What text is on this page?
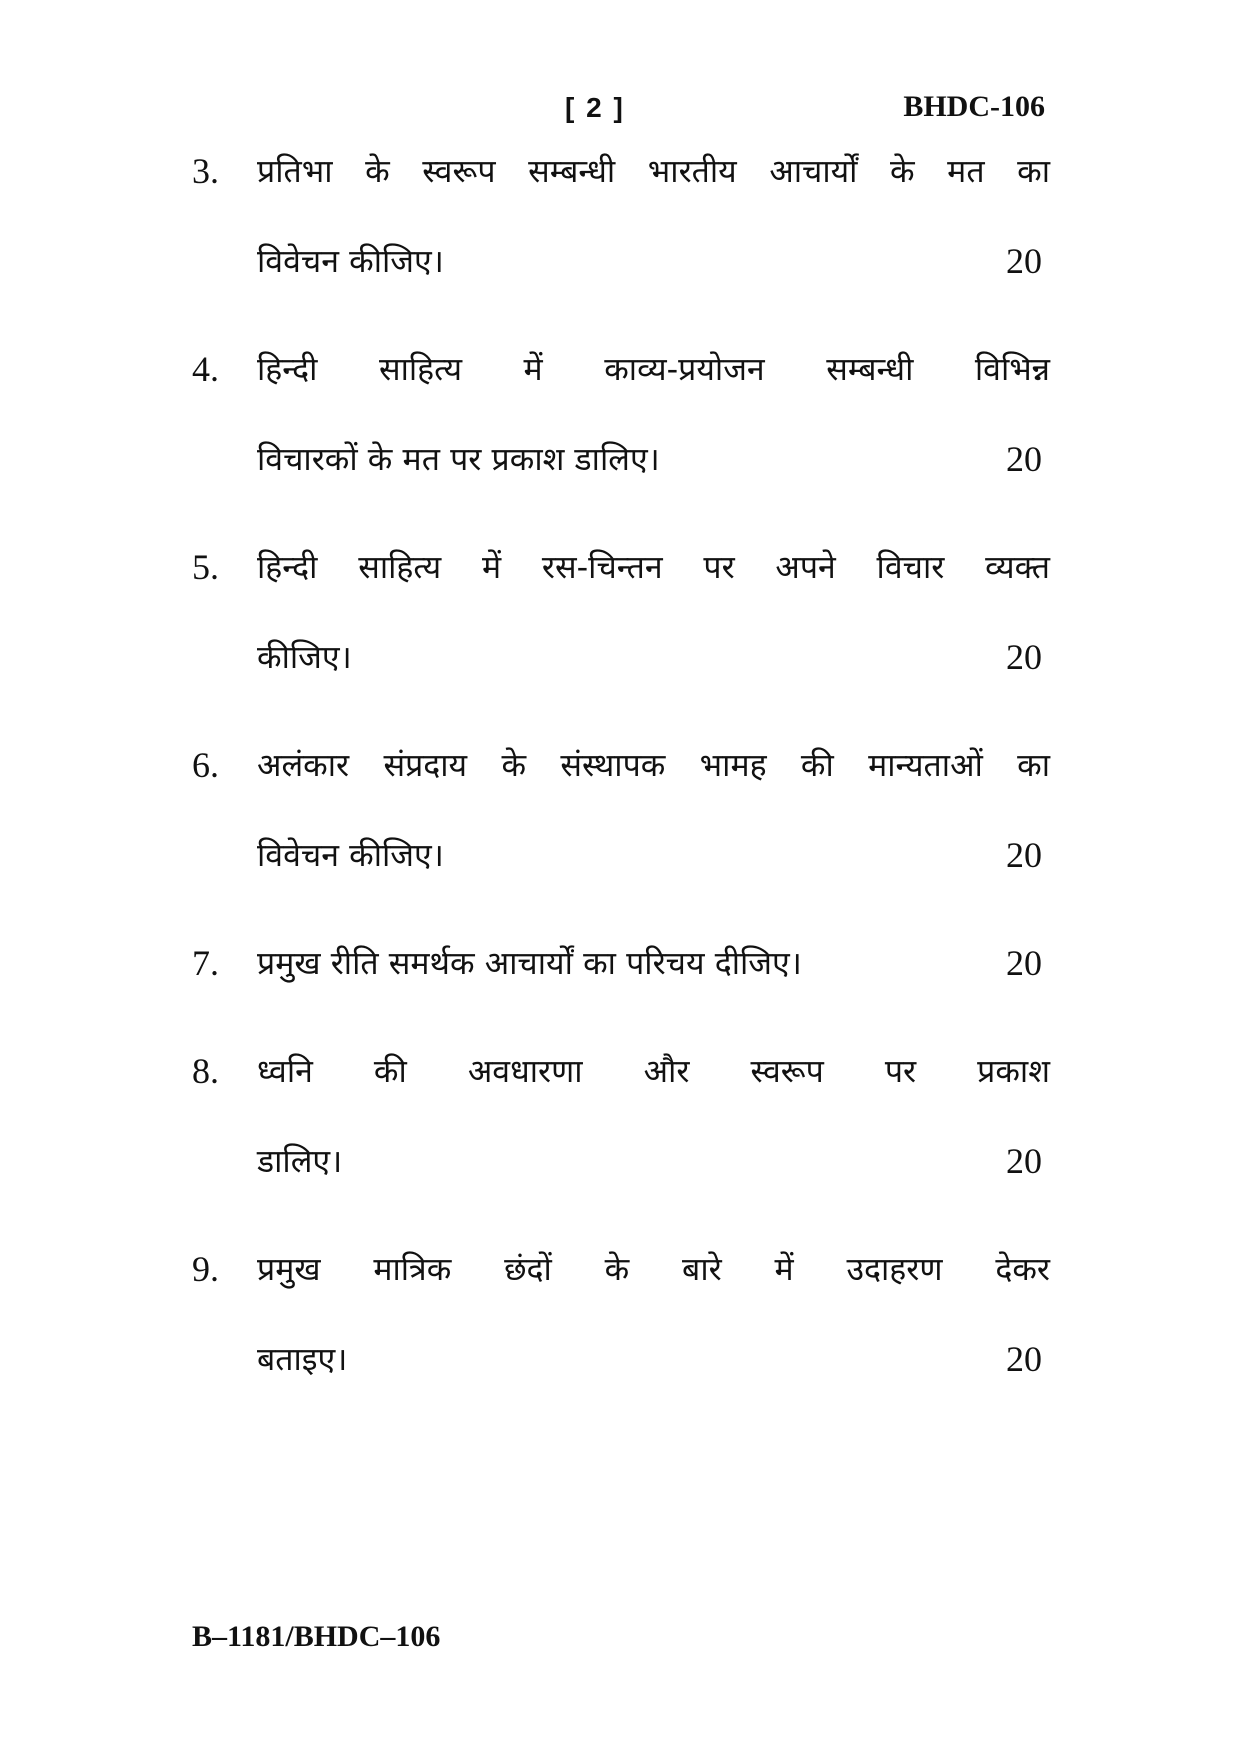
[ 2 ]	BHDC-106
3. प्रतिभा के स्वरूप सम्बन्धी भारतीय आचार्यों के मत का
विवेचन कीजिए।	20
4. हिन्दी साहित्य में काव्य-प्रयोजन सम्बन्धी विभिन्न
विचारकों के मत पर प्रकाश डालिए।	20
5. हिन्दी साहित्य में रस-चिन्तन पर अपने विचार व्यक्त
कीजिए।	20
6. अलंकार संप्रदाय के संस्थापक भामह की मान्यताओं का
विवेचन कीजिए।	20
7. प्रमुख रीति समर्थक आचार्यों का परिचय दीजिए।	20
8. ध्वनि की अवधारणा और स्वरूप पर प्रकाश
डालिए।	20
9. प्रमुख मात्रिक छंदों के बारे में उदाहरण देकर
बताइए।	20
B–1181/BHDC–106
